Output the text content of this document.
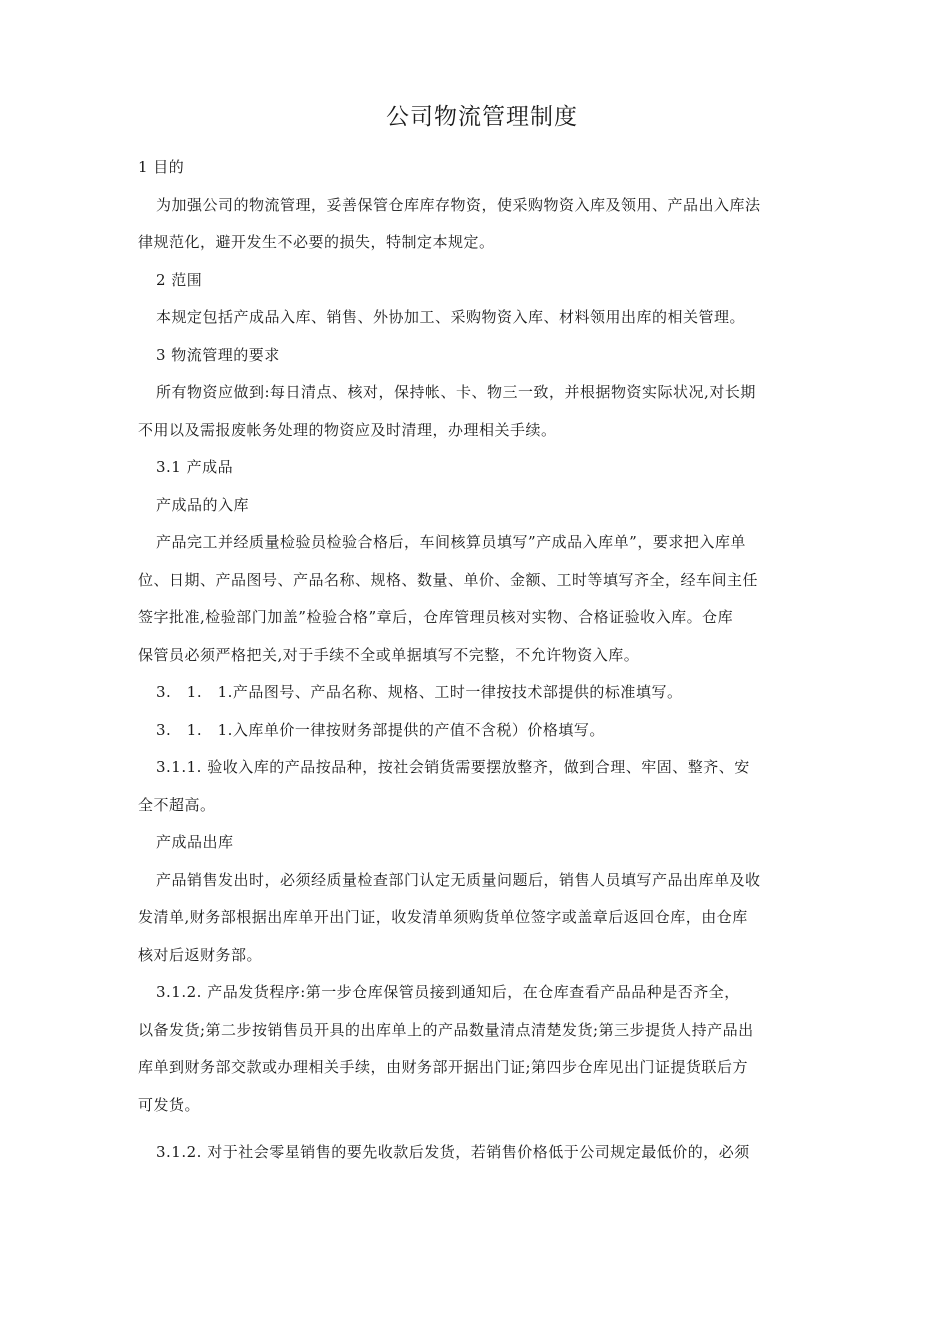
公司物流管理制度
1 目的
为加强公司的物流管理，妥善保管仓库库存物资，使采购物资入库及领用、产品出入库法
律规范化，避开发生不必要的损失，特制定本规定。
2 范围
本规定包括产成品入库、销售、外协加工、采购物资入库、材料领用出库的相关管理。
3 物流管理的要求
所有物资应做到:每日清点、核对，保持帐、卡、物三一致，并根据物资实际状况,对长期
不用以及需报废帐务处理的物资应及时清理，办理相关手续。
3.1 产成品
产成品的入库
产品完工并经质量检验员检验合格后，车间核算员填写”产成品入库单”，要求把入库单
位、日期、产品图号、产品名称、规格、数量、单价、金额、工时等填写齐全，经车间主任
签字批准,检验部门加盖”检验合格”章后，仓库管理员核对实物、合格证验收入库。仓库
保管员必须严格把关,对于手续不全或单据填写不完整，不允许物资入库。
3.　1.　1.产品图号、产品名称、规格、工时一律按技术部提供的标准填写。
3.　1.　1.入库单价一律按财务部提供的产值不含税）价格填写。
3.1.1. 验收入库的产品按品种，按社会销货需要摆放整齐，做到合理、牢固、整齐、安
全不超高。
产成品出库
产品销售发出时，必须经质量检查部门认定无质量问题后，销售人员填写产品出库单及收
发清单,财务部根据出库单开出门证，收发清单须购货单位签字或盖章后返回仓库，由仓库
核对后返财务部。
3.1.2. 产品发货程序:第一步仓库保管员接到通知后，在仓库查看产品品种是否齐全，
以备发货;第二步按销售员开具的出库单上的产品数量清点清楚发货;第三步提货人持产品出
库单到财务部交款或办理相关手续，由财务部开据出门证;第四步仓库见出门证提货联后方
可发货。
3.1.2. 对于社会零星销售的要先收款后发货，若销售价格低于公司规定最低价的，必须
